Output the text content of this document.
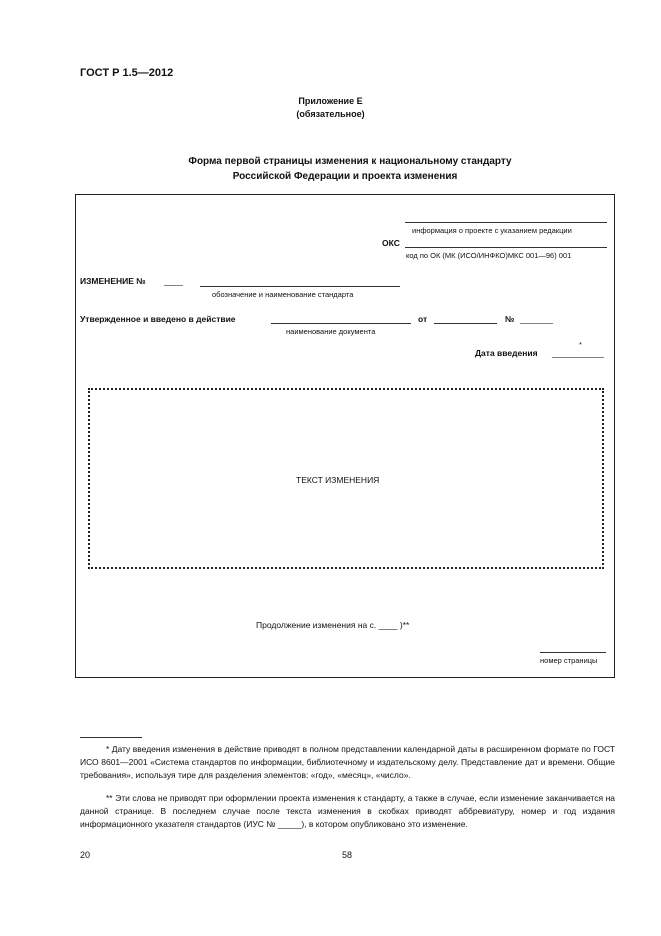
ГОСТ Р 1.5—2012
Приложение Е
(обязательное)
Форма первой страницы изменения к национальному стандарту
Российской Федерации и проекта изменения
информация о проекте с указанием редакции
ОКС
код по ОК (МК (ИСО/ИНФКО)МКС 001—96) 001
ИЗМЕНЕНИЕ № ____
обозначение и наименование стандарта
Утвержденное и введено в действие	от	№ _______
наименование документа
Дата введения ___________
*
ТЕКСТ ИЗМЕНЕНИЯ
Продолжение изменения на с. ____ )**
номер страницы
* Дату введения изменения в действие приводят в полном представлении календарной даты в расширенном формате по ГОСТ ИСО 8601—2001 «Система стандартов по информации, библиотечному и издательскому делу. Представление дат и времени. Общие требования», используя тире для разделения элементов: «год», «месяц», «число».
** Эти слова не приводят при оформлении проекта изменения к стандарту, а также в случае, если изменение заканчивается на данной странице. В последнем случае после текста изменения в скобках приводят аббревиатуру, номер и год издания информационного указателя стандартов (ИУС № _____), в котором опубликовано это изменение.
20	58
